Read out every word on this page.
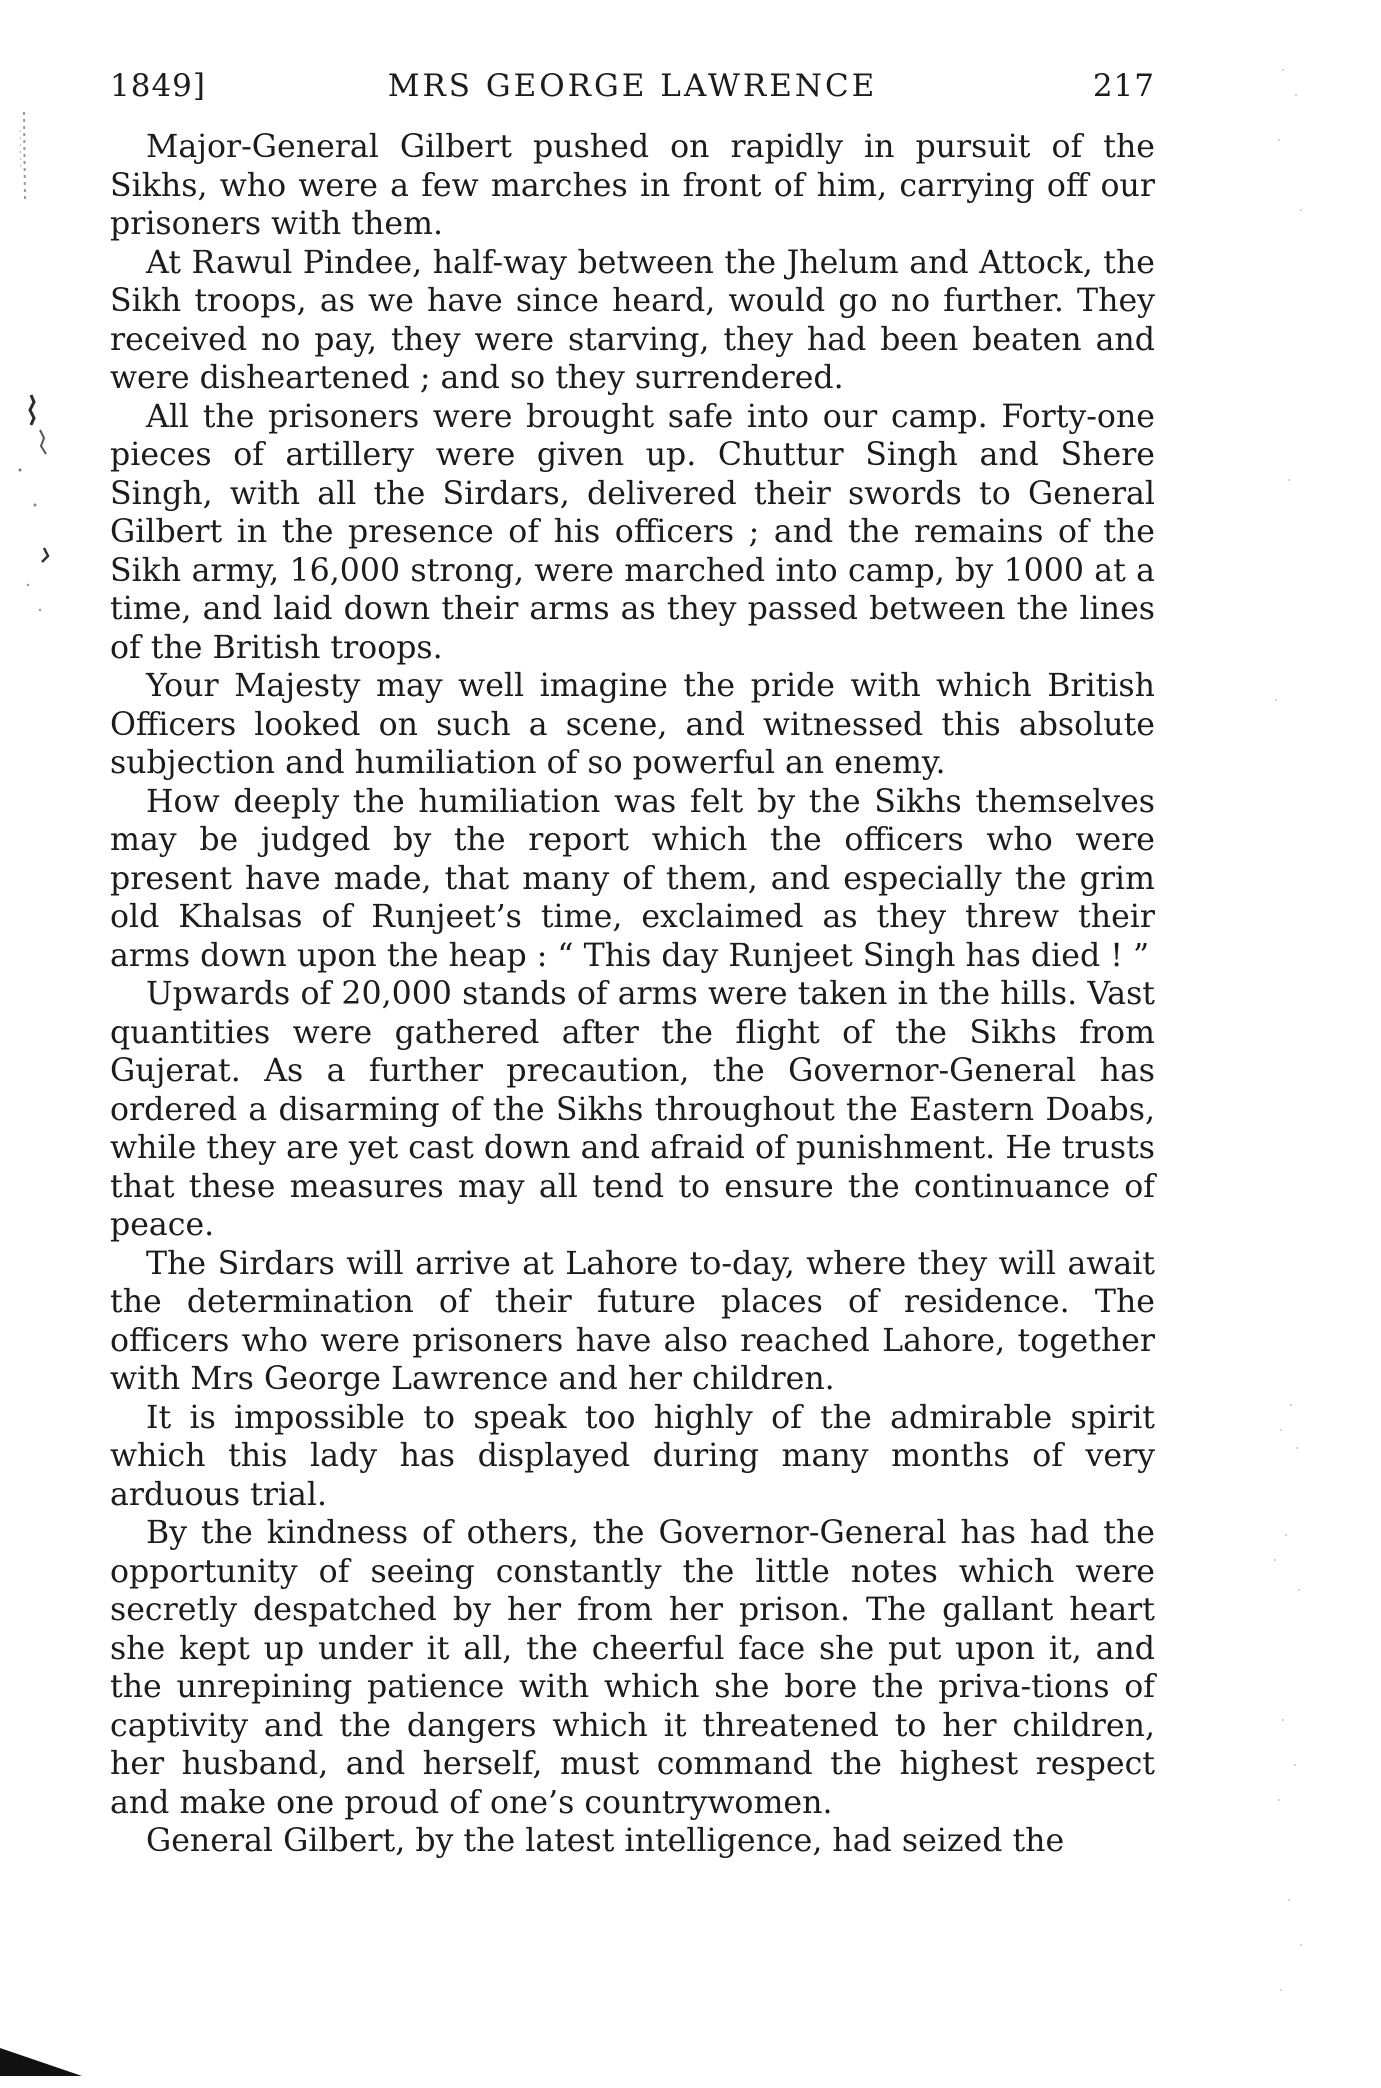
1849]	MRS GEORGE LAWRENCE	217

Major-General Gilbert pushed on rapidly in pursuit of the Sikhs, who were a few marches in front of him, carrying off our prisoners with them.

At Rawul Pindee, half-way between the Jhelum and Attock, the Sikh troops, as we have since heard, would go no further. They received no pay, they were starving, they had been beaten and were disheartened ; and so they surrendered.

All the prisoners were brought safe into our camp. Forty-one pieces of artillery were given up. Chuttur Singh and Shere Singh, with all the Sirdars, delivered their swords to General Gilbert in the presence of his officers ; and the remains of the Sikh army, 16,000 strong, were marched into camp, by 1000 at a time, and laid down their arms as they passed between the lines of the British troops.

Your Majesty may well imagine the pride with which British Officers looked on such a scene, and witnessed this absolute subjection and humiliation of so powerful an enemy.

How deeply the humiliation was felt by the Sikhs themselves may be judged by the report which the officers who were present have made, that many of them, and especially the grim old Khalsas of Runjeet’s time, exclaimed as they threw their arms down upon the heap : “ This day Runjeet Singh has died ! ”

Upwards of 20,000 stands of arms were taken in the hills. Vast quantities were gathered after the flight of the Sikhs from Gujerat. As a further precaution, the Governor-General has ordered a disarming of the Sikhs throughout the Eastern Doabs, while they are yet cast down and afraid of punishment. He trusts that these measures may all tend to ensure the continuance of peace.

The Sirdars will arrive at Lahore to-day, where they will await the determination of their future places of residence. The officers who were prisoners have also reached Lahore, together with Mrs George Lawrence and her children.

It is impossible to speak too highly of the admirable spirit which this lady has displayed during many months of very arduous trial.

By the kindness of others, the Governor-General has had the opportunity of seeing constantly the little notes which were secretly despatched by her from her prison. The gallant heart she kept up under it all, the cheerful face she put upon it, and the unrepining patience with which she bore the priva-tions of captivity and the dangers which it threatened to her children, her husband, and herself, must command the highest respect and make one proud of one’s countrywomen.

General Gilbert, by the latest intelligence, had seized the
